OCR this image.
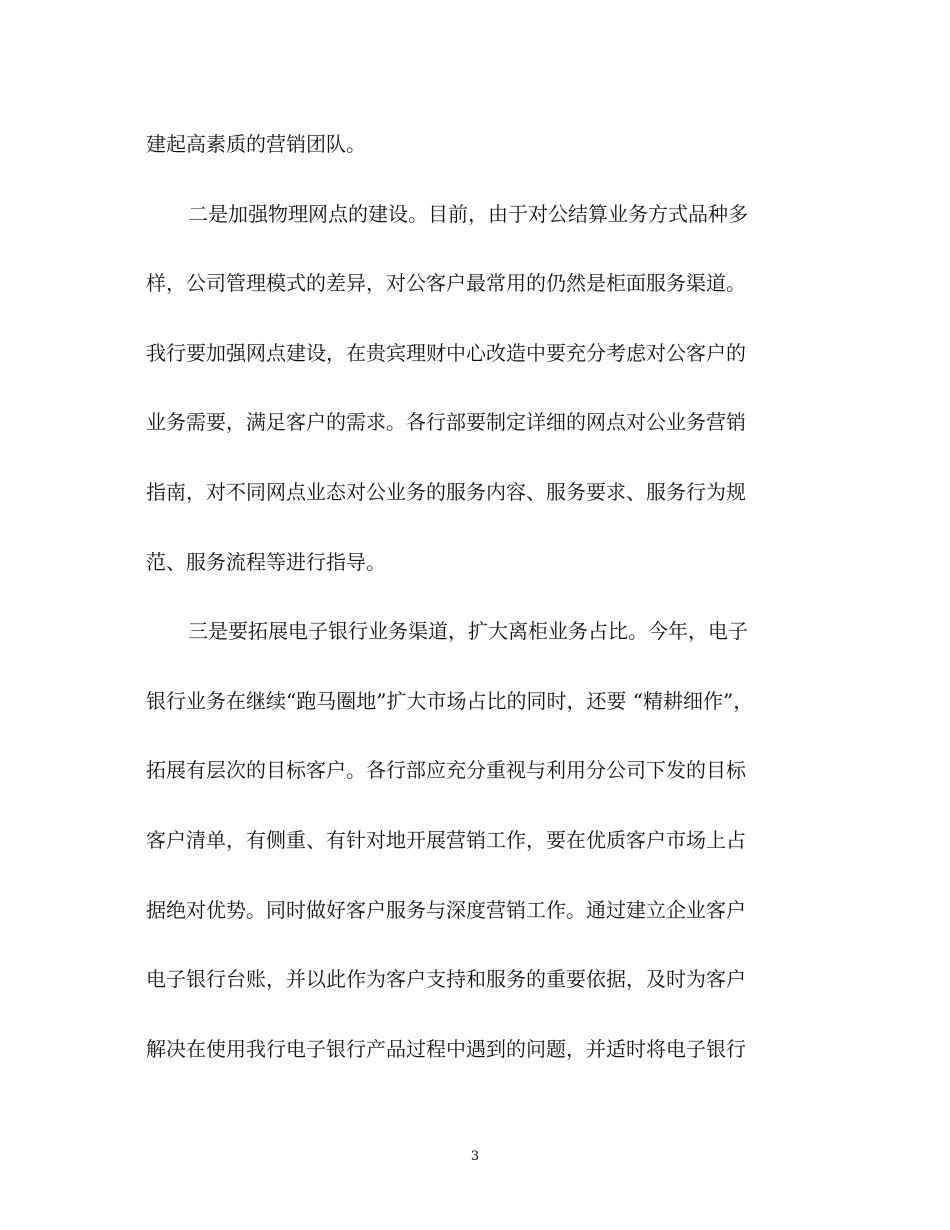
建起高素质的营销团队。
二是加强物理网点的建设。目前，由于对公结算业务方式品种多
样，公司管理模式的差异，对公客户最常用的仍然是柜面服务渠道。
我行要加强网点建设，在贵宾理财中心改造中要充分考虑对公客户的
业务需要，满足客户的需求。各行部要制定详细的网点对公业务营销
指南，对不同网点业态对公业务的服务内容、服务要求、服务行为规
范、服务流程等进行指导。
三是要拓展电子银行业务渠道，扩大离柜业务占比。今年，电子
银行业务在继续“跑马圈地”扩大市场占比的同时，还要 “精耕细作”，
拓展有层次的目标客户。各行部应充分重视与利用分公司下发的目标
客户清单，有侧重、有针对地开展营销工作，要在优质客户市场上占
据绝对优势。同时做好客户服务与深度营销工作。通过建立企业客户
电子银行台账，并以此作为客户支持和服务的重要依据，及时为客户
解决在使用我行电子银行产品过程中遇到的问题，并适时将电子银行
3
